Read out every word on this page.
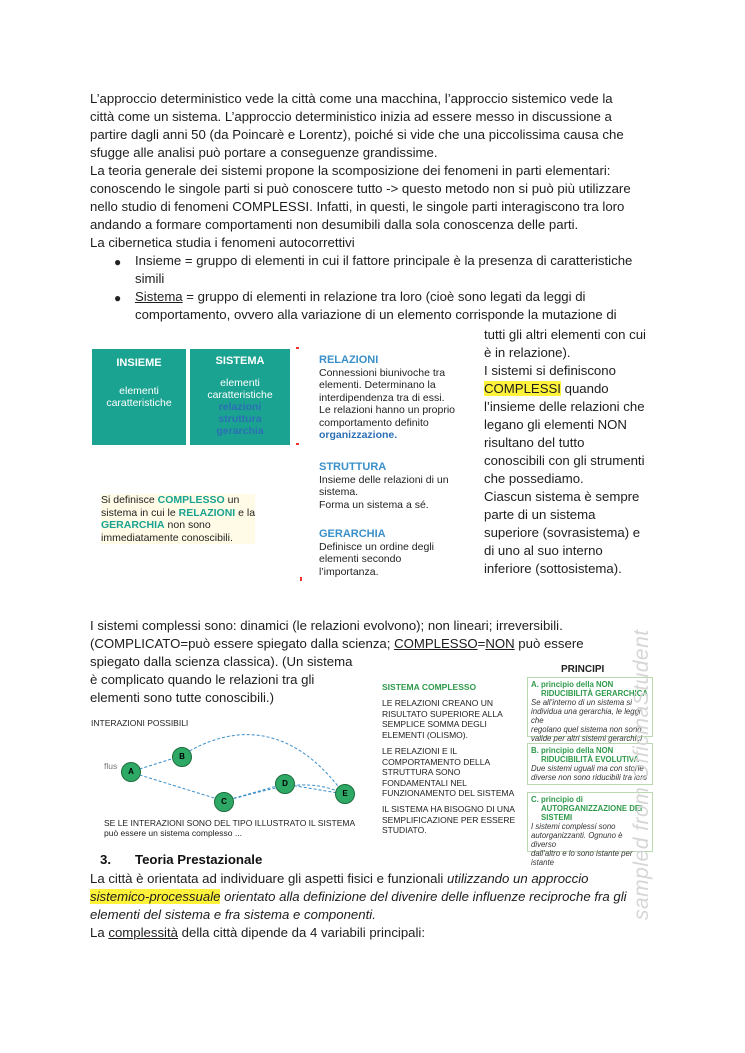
L’approccio deterministico vede la città come una macchina, l’approccio sistemico vede la
città come un sistema. L’approccio deterministico inizia ad essere messo in discussione a
partire dagli anni 50 (da Poincarè e Lorentz), poiché si vide che una piccolissima causa che
sfugge alle analisi può portare a conseguenze grandissime.
La teoria generale dei sistemi propone la scomposizione dei fenomeni in parti elementari:
conoscendo le singole parti si può conoscere tutto -> questo metodo non si può più utilizzare
nello studio di fenomeni COMPLESSI. Infatti, in questi, le singole parti interagiscono tra loro
andando a formare comportamenti non desumibili dalla sola conoscenza delle parti.
La cibernetica studia i fenomeni autocorrettivi
● Insieme = gruppo di elementi in cui il fattore principale è la presenza di caratteristiche
simili
● Sistema = gruppo di elementi in relazione tra loro (cioè sono legati da leggi di
comportamento, ovvero alla variazione di un elemento corrisponde la mutazione di
tutti gli altri elementi con cui
è in relazione).
I sistemi si definiscono
COMPLESSI quando
l’insieme delle relazioni che
legano gli elementi NON
risultano del tutto
conoscibili con gli strumenti
che possediamo.
Ciascun sistema è sempre
parte di un sistema
superiore (sovrasistema) e
di uno al suo interno
inferiore (sottosistema).
INSIEME
elementi
caratteristiche
SISTEMA
elementi
caratteristiche
relazioni
struttura
gerarchia
Si definisce COMPLESSO un
sistema in cui le RELAZIONI e la
GERARCHIA non sono
immediatamente conoscibili.
RELAZIONI
Connessioni biunivoche tra
elementi. Determinano la
interdipendenza tra di essi.
Le relazioni hanno un proprio
comportamento definito
organizzazione.
STRUTTURA
Insieme delle relazioni di un
sistema.
Forma un sistema a sé.
GERARCHIA
Definisce un ordine degli
elementi secondo
l’importanza.
I sistemi complessi sono: dinamici (le relazioni evolvono); non lineari; irreversibili.
(COMPLICATO=può essere spiegato dalla scienza; COMPLESSO=NON può essere
spiegato dalla scienza classica). (Un sistema
è complicato quando le relazioni tra gli
elementi sono tutte conoscibili.)
INTERAZIONI POSSIBILI
flus
A
B
C
D
E
SE LE INTERAZIONI SONO DEL TIPO ILLUSTRATO IL SISTEMA
può essere un sistema complesso ...
SISTEMA COMPLESSO
LE RELAZIONI CREANO UN
RISULTATO SUPERIORE ALLA
SEMPLICE SOMMA DEGLI
ELEMENTI (OLISMO).
LE RELAZIONI E IL
COMPORTAMENTO DELLA
STRUTTURA SONO
FONDAMENTALI NEL
FUNZIONAMENTO DEL SISTEMA
IL SISTEMA HA BISOGNO DI UNA
SEMPLIFICAZIONE PER ESSERE
STUDIATO.
PRINCIPI
A. principio della NON
RIDUCIBILITÀ GERARCHICA
Se all’interno di un sistema si
individua una gerarchia, le leggi che
regolano quel sistema non sono
valide per altri sistemi gerarchici
B. principio della NON
RIDUCIBILITÀ EVOLUTIVA
Due sistemi uguali ma con storie
diverse non sono riducibili tra loro
C. principio di
AUTORGANIZZAZIONE DEI
SISTEMI
I sistemi complessi sono
autorganizzanti. Ognuno è diverso
dall’altro e lo sono istante per istante
3. Teoria Prestazionale
La città è orientata ad individuare gli aspetti fisici e funzionali utilizzando un approccio
sistemico-processuale orientato alla definizione del divenire delle influenze reciproche fra gli
elementi del sistema e fra sistema e componenti.
La complessità della città dipende da 4 variabili principali:
sampled from OfficinaStudent
